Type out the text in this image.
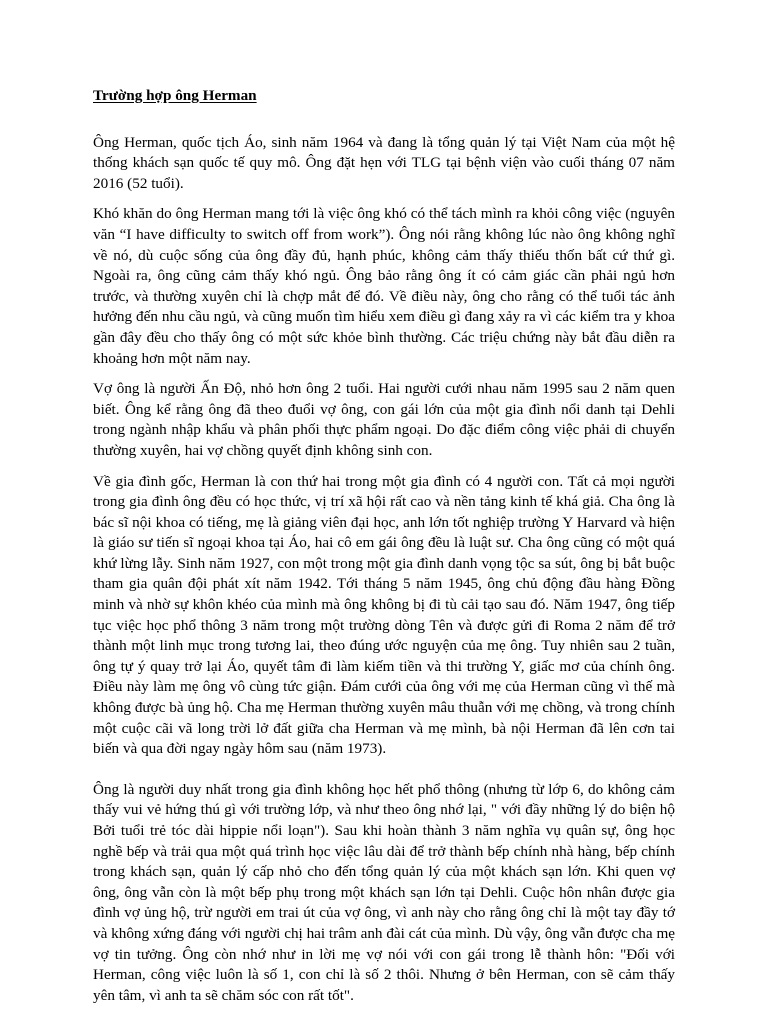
Trường hợp ông Herman

Ông Herman, quốc tịch Áo, sinh năm 1964 và đang là tổng quản lý tại Việt Nam của một hệ thống khách sạn quốc tế quy mô. Ông đặt hẹn với TLG tại bệnh viện vào cuối tháng 07 năm 2016 (52 tuổi).

Khó khăn do ông Herman mang tới là việc ông khó có thể tách mình ra khỏi công việc (nguyên văn “I have difficulty to switch off from work”). Ông nói rằng không lúc nào ông không nghĩ về nó, dù cuộc sống của ông đầy đủ, hạnh phúc, không cảm thấy thiếu thốn bất cứ thứ gì. Ngoài ra, ông cũng cảm thấy khó ngủ. Ông bảo rằng ông ít có cảm giác cần phải ngủ hơn trước, và thường xuyên chỉ là chợp mắt để đó. Về điều này, ông cho rằng có thể tuổi tác ảnh hưởng đến nhu cầu ngủ, và cũng muốn tìm hiểu xem điều gì đang xảy ra vì các kiểm tra y khoa gần đây đều cho thấy ông có một sức khỏe bình thường. Các triệu chứng này bắt đầu diễn ra khoảng hơn một năm nay.

Vợ ông là người Ấn Độ, nhỏ hơn ông 2 tuổi. Hai người cưới nhau năm 1995 sau 2 năm quen biết. Ông kể rằng ông đã theo đuổi vợ ông, con gái lớn của một gia đình nổi danh tại Dehli trong ngành nhập khẩu và phân phối thực phẩm ngoại. Do đặc điểm công việc phải di chuyển thường xuyên, hai vợ chồng quyết định không sinh con.

Về gia đình gốc, Herman là con thứ hai trong một gia đình có 4 người con. Tất cả mọi người trong gia đình ông đều có học thức, vị trí xã hội rất cao và nền tảng kinh tế khá giả. Cha ông là bác sĩ nội khoa có tiếng, mẹ là giảng viên đại học, anh lớn tốt nghiệp trường Y Harvard và hiện là giáo sư tiến sĩ ngoại khoa tại Áo, hai cô em gái ông đều là luật sư. Cha ông cũng có một quá khứ lừng lẫy. Sinh năm 1927, con một trong một gia đình danh vọng tộc sa sút, ông bị bắt buộc tham gia quân đội phát xít năm 1942. Tới tháng 5 năm 1945, ông chủ động đầu hàng Đồng minh và nhờ sự khôn khéo của mình mà ông không bị đi tù cải tạo sau đó. Năm 1947, ông tiếp tục việc học phổ thông 3 năm trong một trường dòng Tên và được gửi đi Roma 2 năm để trở thành một linh mục trong tương lai, theo đúng ước nguyện của mẹ ông. Tuy nhiên sau 2 tuần, ông tự ý quay trở lại Áo, quyết tâm đi làm kiếm tiền và thi trường Y, giấc mơ của chính ông. Điều này làm mẹ ông vô cùng tức giận. Đám cưới của ông với mẹ của Herman cũng vì thế mà không được bà ủng hộ. Cha mẹ Herman thường xuyên mâu thuẫn với mẹ chồng, và trong chính một cuộc cãi vã long trời lở đất giữa cha Herman và mẹ mình, bà nội Herman đã lên cơn tai biến và qua đời ngay ngày hôm sau (năm 1973).

Ông là người duy nhất trong gia đình không học hết phổ thông (nhưng từ lớp 6, do không cảm thấy vui vẻ hứng thú gì với trường lớp, và như theo ông nhớ lại, " với đầy những lý do biện hộ Bởi tuổi trẻ tóc dài hippie nổi loạn"). Sau khi hoàn thành 3 năm nghĩa vụ quân sự, ông học nghề bếp và trải qua một quá trình học việc lâu dài để trở thành bếp chính nhà hàng, bếp chính trong khách sạn, quản lý cấp nhỏ cho đến tổng quản lý của một khách sạn lớn. Khi quen vợ ông, ông vẫn còn là một bếp phụ trong một khách sạn lớn tại Dehli. Cuộc hôn nhân được gia đình vợ ủng hộ, trừ người em trai út của vợ ông, vì anh này cho rằng ông chỉ là một tay đầy tớ và không xứng đáng với người chị hai trâm anh đài cát của mình. Dù vậy, ông vẫn được cha mẹ vợ tin tưởng. Ông còn nhớ như in lời mẹ vợ nói với con gái trong lễ thành hôn: "Đối với Herman, công việc luôn là số 1, con chỉ là số 2 thôi. Nhưng ở bên Herman, con sẽ cảm thấy yên tâm, vì anh ta sẽ chăm sóc con rất tốt".
